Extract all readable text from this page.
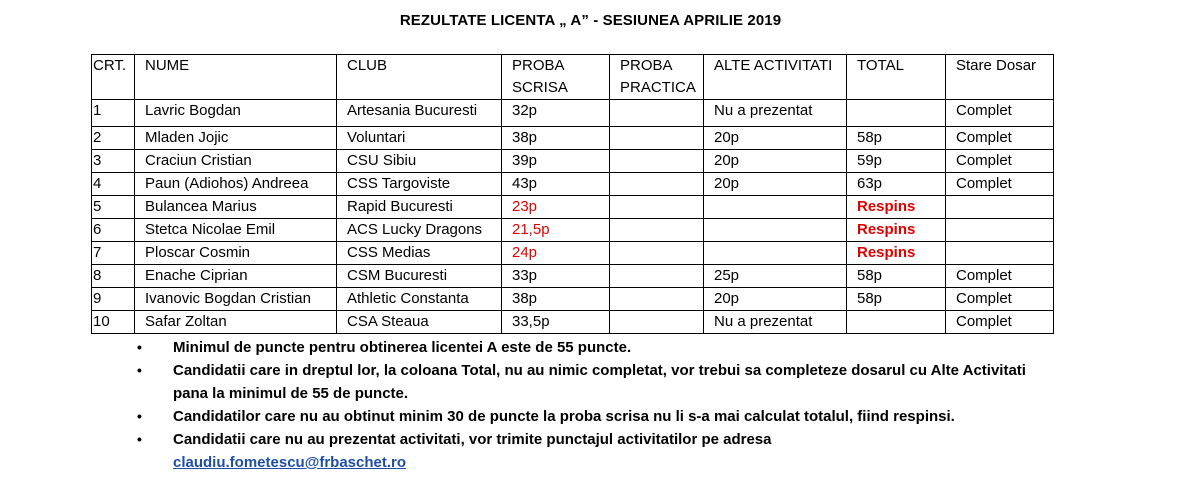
REZULTATE LICENTA „ A” - SESIUNEA APRILIE 2019
CRT.	NUME	CLUB	PROBA SCRISA	PROBA PRACTICA	ALTE ACTIVITATI	TOTAL	Stare Dosar

1	Lavric Bogdan	Artesania Bucuresti	32p		Nu a prezentat		Complet

2	Mladen Jojic	Voluntari	38p		20p	58p	Complet

3	Craciun Cristian	CSU Sibiu	39p		20p	59p	Complet

4	Paun (Adiohos) Andreea	CSS Targoviste	43p		20p	63p	Complet

5	Bulancea Marius	Rapid Bucuresti	23p			Respins	

6	Stetca Nicolae Emil	ACS Lucky Dragons	21,5p			Respins	

7	Ploscar Cosmin	CSS Medias	24p			Respins	

8	Enache Ciprian	CSM Bucuresti	33p		25p	58p	Complet

9	Ivanovic Bogdan Cristian	Athletic Constanta	38p		20p	58p	Complet

10	Safar Zoltan	CSA Steaua	33,5p		Nu a prezentat		Complet
• Minimul de puncte pentru obtinerea licentei A este de 55 puncte.
• Candidatii care in dreptul lor, la coloana Total, nu au nimic completat, vor trebui sa completeze dosarul cu Alte Activitati pana la minimul de 55 de puncte.
• Candidatilor care nu au obtinut minim 30 de puncte la proba scrisa nu li s-a mai calculat totalul, fiind respinsi.
• Candidatii care nu au prezentat activitati, vor trimite punctajul activitatilor pe adresa
claudiu.fometescu@frbaschet.ro
